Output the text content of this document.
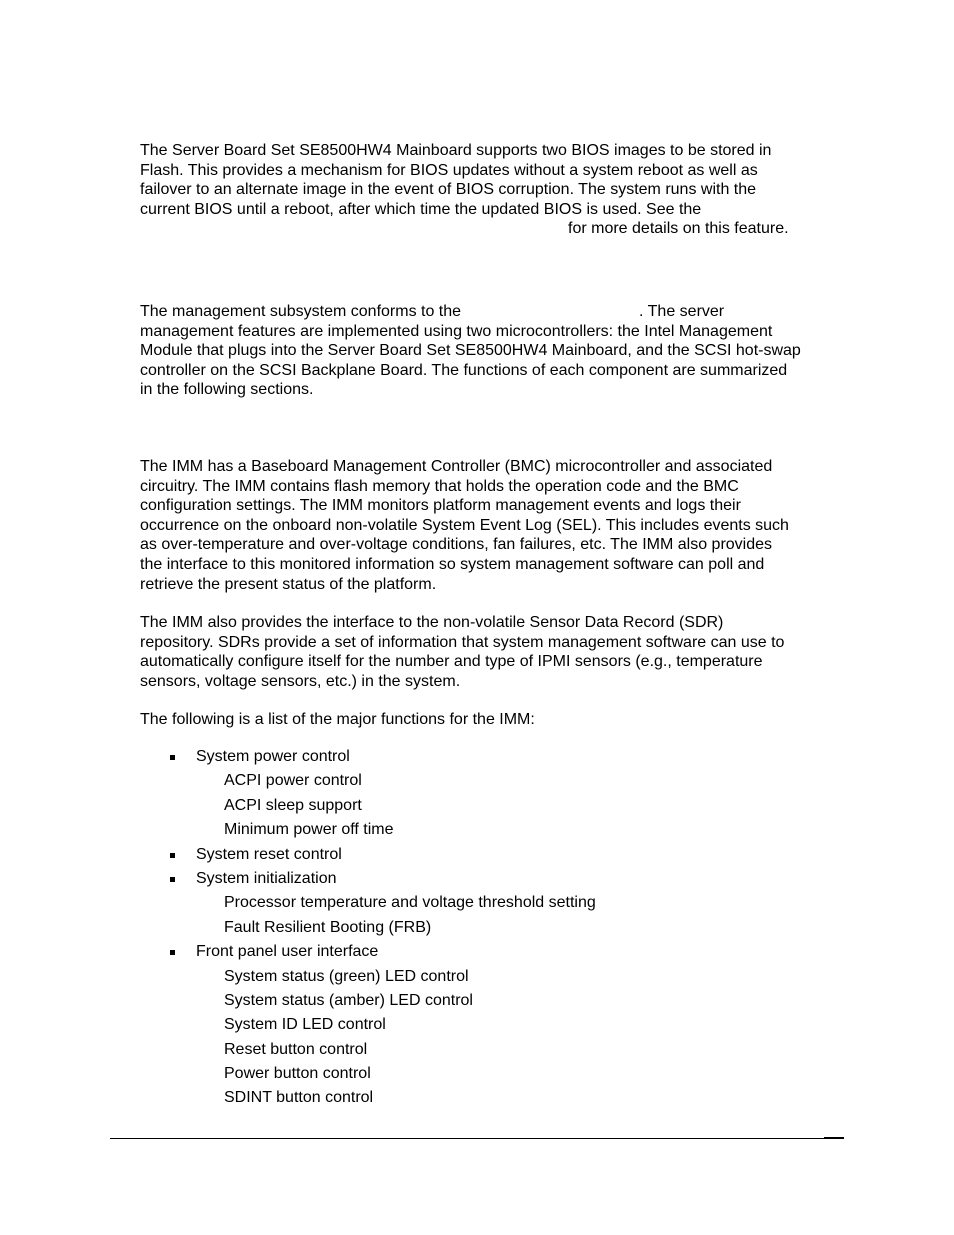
The Server Board Set SE8500HW4 Mainboard supports two BIOS images to be stored in
Flash. This provides a mechanism for BIOS updates without a system reboot as well as
failover to an alternate image in the event of BIOS corruption. The system runs with the
current BIOS until a reboot, after which time the updated BIOS is used. See the
for more details on this feature.

The management subsystem conforms to the	. The server
management features are implemented using two microcontrollers: the Intel Management
Module that plugs into the Server Board Set SE8500HW4 Mainboard, and the SCSI hot-swap
controller on the SCSI Backplane Board. The functions of each component are summarized
in the following sections.

The IMM has a Baseboard Management Controller (BMC) microcontroller and associated
circuitry. The IMM contains flash memory that holds the operation code and the BMC
configuration settings. The IMM monitors platform management events and logs their
occurrence on the onboard non-volatile System Event Log (SEL). This includes events such
as over-temperature and over-voltage conditions, fan failures, etc. The IMM also provides
the interface to this monitored information so system management software can poll and
retrieve the present status of the platform.

The IMM also provides the interface to the non-volatile Sensor Data Record (SDR)
repository. SDRs provide a set of information that system management software can use to
automatically configure itself for the number and type of IPMI sensors (e.g., temperature
sensors, voltage sensors, etc.) in the system.

The following is a list of the major functions for the IMM:

System power control
ACPI power control
ACPI sleep support
Minimum power off time
System reset control
System initialization
Processor temperature and voltage threshold setting
Fault Resilient Booting (FRB)
Front panel user interface
System status (green) LED control
System status (amber) LED control
System ID LED control
Reset button control
Power button control
SDINT button control
